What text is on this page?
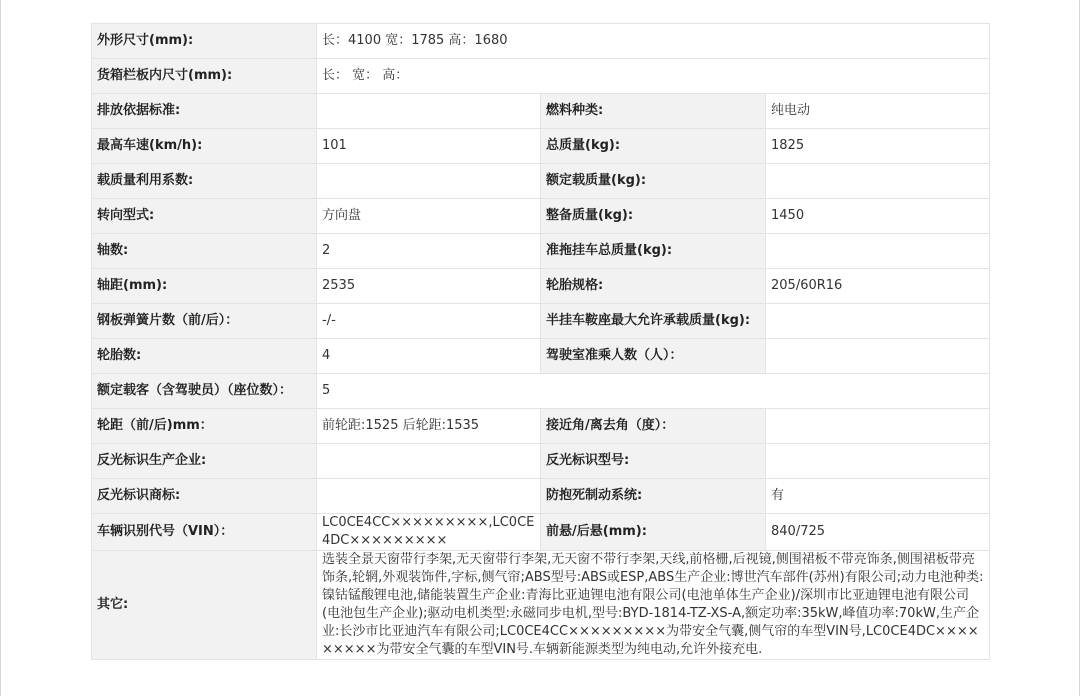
外形尺寸(mm):	长：4100 宽：1785 高：1680		
货箱栏板内尺寸(mm):	长： 宽： 高：		
排放依据标准:		燃料种类:	纯电动
最高车速(km/h):	101	总质量(kg):	1825
载质量利用系数:		额定载质量(kg):	
转向型式:	方向盘	整备质量(kg):	1450
轴数:	2	准拖挂车总质量(kg):	
轴距(mm):	2535	轮胎规格:	205/60R16
钢板弹簧片数（前/后）：	-/-	半挂车鞍座最大允许承载质量(kg):	
轮胎数:	4	驾驶室准乘人数（人）：	
额定载客（含驾驶员）（座位数）：	5		
轮距（前/后)mm：	前轮距:1525 后轮距:1535	接近角/离去角（度）：	
反光标识生产企业:		反光标识型号:	
反光标识商标:		防抱死制动系统:	有
车辆识别代号（VIN）：	LC0CE4CC×××××××××,LC0CE4DC×××××××××	前悬/后悬(mm):	840/725
其它:	选装全景天窗带行李架,无天窗带行李架,无天窗不带行李架,天线,前格栅,后视镜,侧围裙板不带亮饰条,侧围裙板带亮饰条,轮辋,外观装饰件,字标,侧气帘;ABS型号:ABS或ESP,ABS生产企业:博世汽车部件(苏州)有限公司;动力电池种类:镍钴锰酸锂电池,储能装置生产企业:青海比亚迪锂电池有限公司(电池单体生产企业)/深圳市比亚迪锂电池有限公司(电池包生产企业);驱动电机类型:永磁同步电机,型号:BYD-1814-TZ-XS-A,额定功率:35kW,峰值功率:70kW,生产企业:长沙市比亚迪汽车有限公司;LC0CE4CC×××××××××为带安全气囊,侧气帘的车型VIN号,LC0CE4DC×××××××××为带安全气囊的车型VIN号.车辆新能源类型为纯电动,允许外接充电.		
